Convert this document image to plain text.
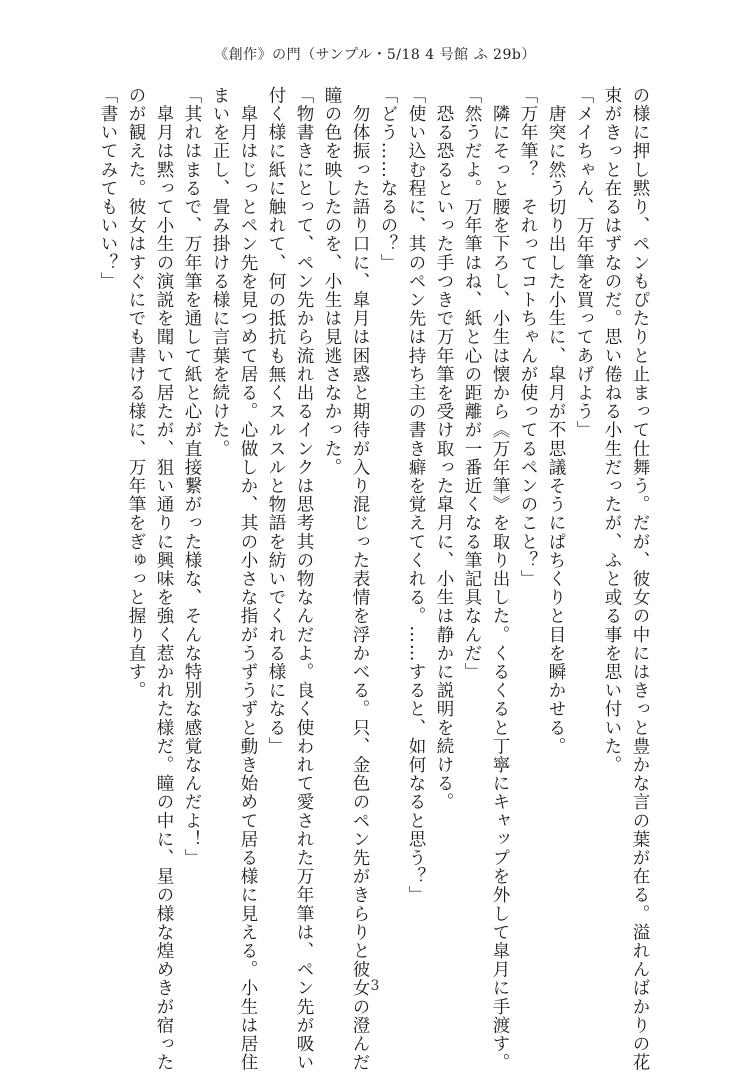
《創作》の門（サンプル・5/18 4 号館 ふ 29b）
の様に押し黙り、ペンもぴたりと止まって仕舞う。だが、彼女の中にはきっと豊かな言の葉が在る。溢れんばかりの花
束がきっと在るはずなのだ。思い倦ねる小生だったが、ふと或る事を思い付いた。
「メイちゃん、万年筆を買ってあげよう」
　唐突に然う切り出した小生に、皐月が不思議そうにぱちくりと目を瞬かせる。
「万年筆？　それってコトちゃんが使ってるペンのこと？」
　隣にそっと腰を下ろし、小生は懐から《万年筆》を取り出した。くるくると丁寧にキャップを外して皐月に手渡す。
「然うだよ。万年筆はね、紙と心の距離が一番近くなる筆記具なんだ」
　恐る恐るといった手つきで万年筆を受け取った皐月に、小生は静かに説明を続ける。
「使い込む程に、其のペン先は持ち主の書き癖を覚えてくれる。……すると、如何なると思う？」
「どう……なるの？」
　勿体振った語り口に、皐月は困惑と期待が入り混じった表情を浮かべる。只、金色のペン先がきらりと彼女の澄んだ
瞳の色を映したのを、小生は見逃さなかった。
「物書きにとって、ペン先から流れ出るインクは思考其の物なんだよ。良く使われて愛された万年筆は、ペン先が吸い
付く様に紙に触れて、何の抵抗も無くスルスルと物語を紡いでくれる様になる」
　皐月はじっとペン先を見つめて居る。心做しか、其の小さな指がうずうずと動き始めて居る様に見える。小生は居住
まいを正し、畳み掛ける様に言葉を続けた。
「其れはまるで、万年筆を通して紙と心が直接繋がった様な、そんな特別な感覚なんだよ！」
　皐月は黙って小生の演説を聞いて居たが、狙い通りに興味を強く惹かれた様だ。瞳の中に、星の様な煌めきが宿った
のが観えた。彼女はすぐにでも書ける様に、万年筆をぎゅっと握り直す。
「書いてみてもいい？」
3
